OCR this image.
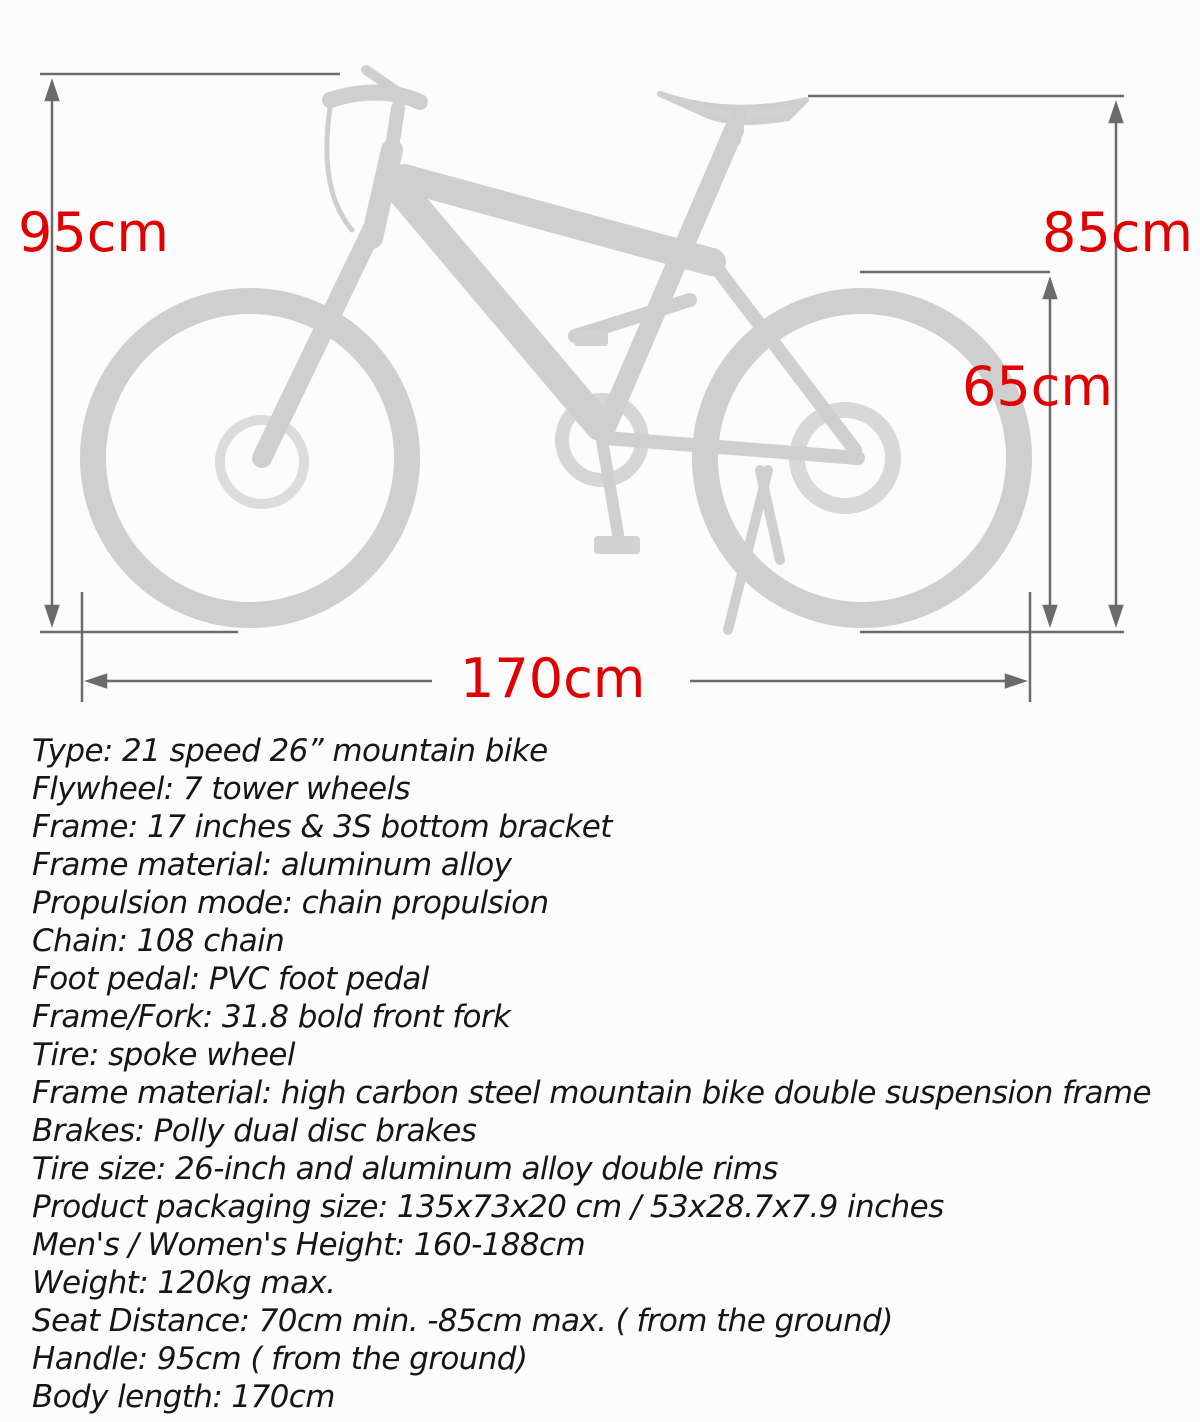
95cm	85cm
65cm
170cm
Type: 21 speed 26” mountain bike
Flywheel: 7 tower wheels
Frame: 17 inches & 3S bottom bracket
Frame material: aluminum alloy
Propulsion mode: chain propulsion
Chain: 108 chain
Foot pedal: PVC foot pedal
Frame/Fork: 31.8 bold front fork
Tire: spoke wheel
Frame material: high carbon steel mountain bike double suspension frame
Brakes: Polly dual disc brakes
Tire size: 26-inch and aluminum alloy double rims
Product packaging size: 135x73x20 cm / 53x28.7x7.9 inches
Men's / Women's Height: 160-188cm
Weight: 120kg max.
Seat Distance: 70cm min. -85cm max. ( from the ground)
Handle: 95cm ( from the ground)
Body length: 170cm
